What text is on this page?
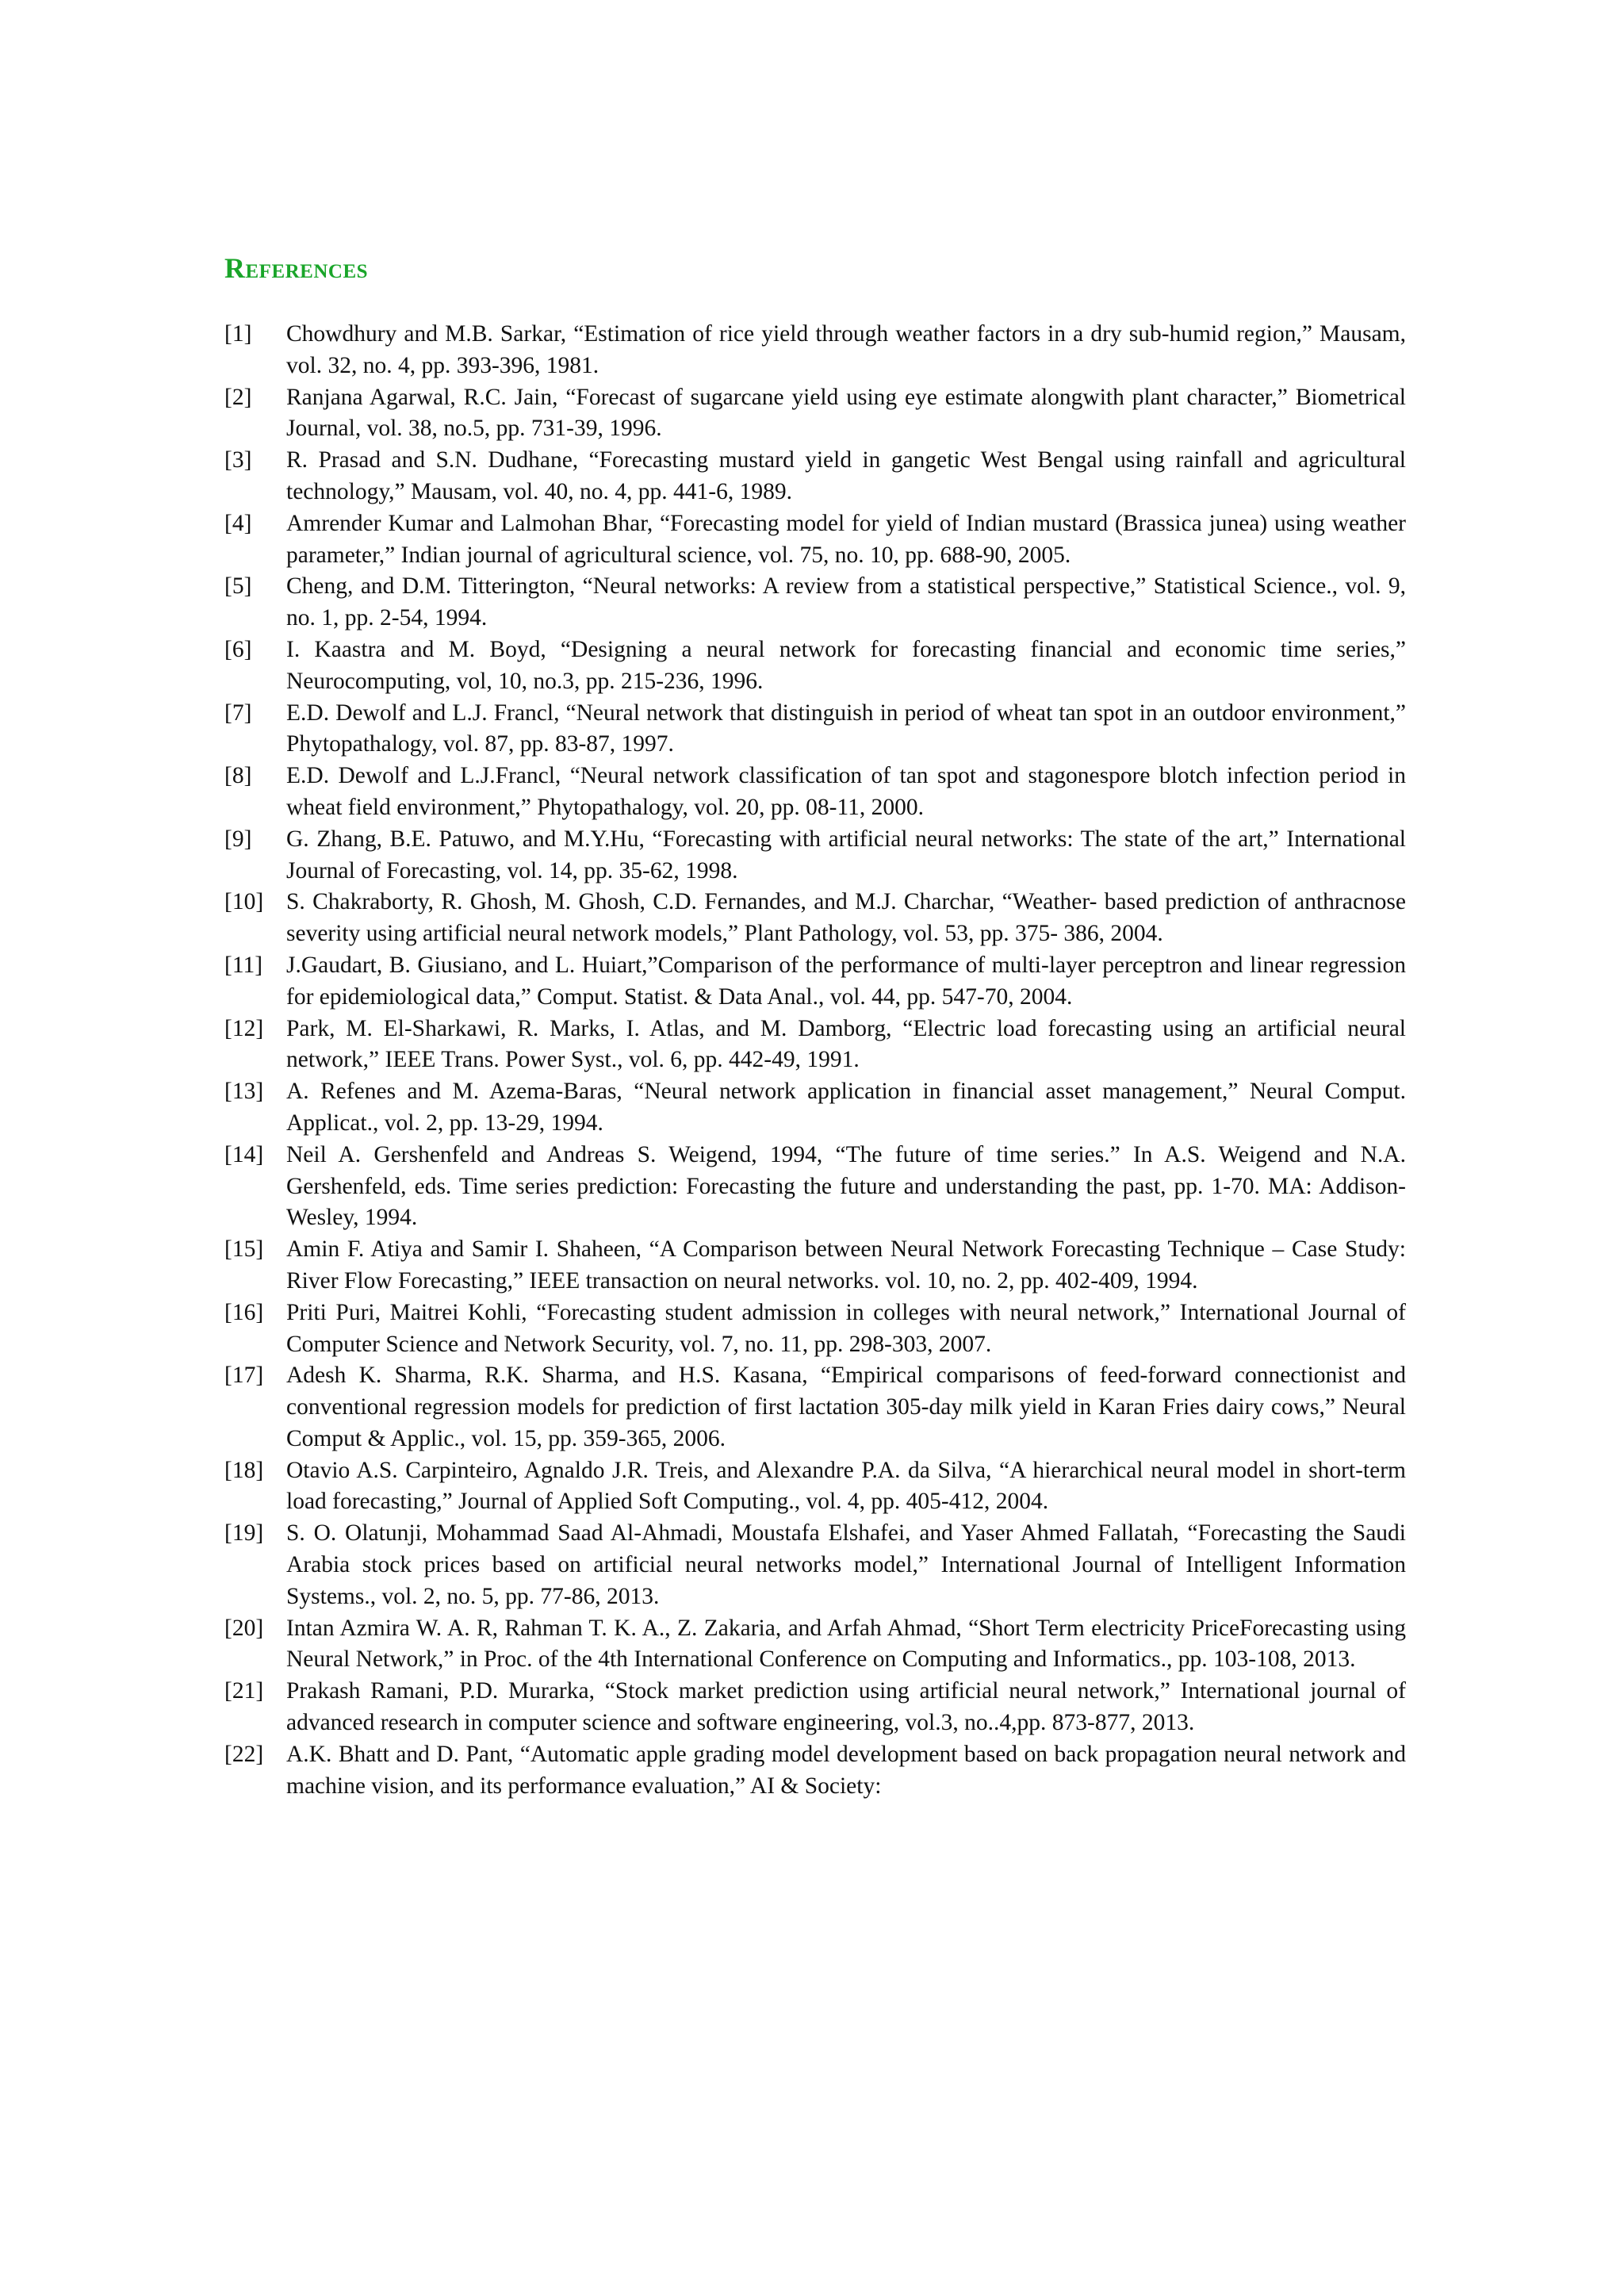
References
[1]	Chowdhury and M.B. Sarkar, “Estimation of rice yield through weather factors in a dry sub-humid region,” Mausam, vol. 32, no. 4, pp. 393-396, 1981.
[2]	Ranjana Agarwal, R.C. Jain, “Forecast of sugarcane yield using eye estimate alongwith plant character,” Biometrical Journal, vol. 38, no.5, pp. 731-39, 1996.
[3]	R. Prasad and S.N. Dudhane, “Forecasting mustard yield in gangetic West Bengal using rainfall and agricultural technology,” Mausam, vol. 40, no. 4, pp. 441-6, 1989.
[4]	Amrender Kumar and Lalmohan Bhar, “Forecasting model for yield of Indian mustard (Brassica junea) using weather parameter,” Indian journal of agricultural science, vol. 75, no. 10, pp. 688-90, 2005.
[5]	Cheng, and D.M. Titterington, “Neural networks: A review from a statistical perspective,” Statistical Science., vol. 9, no. 1, pp. 2-54, 1994.
[6]	I. Kaastra and M. Boyd, “Designing a neural network for forecasting financial and economic time series,” Neurocomputing, vol, 10, no.3, pp. 215-236, 1996.
[7]	E.D. Dewolf and L.J. Francl, “Neural network that distinguish in period of wheat tan spot in an outdoor environment,” Phytopathalogy, vol. 87, pp. 83-87, 1997.
[8]	E.D. Dewolf and L.J.Francl, “Neural network classification of tan spot and stagonespore blotch infection period in wheat field environment,” Phytopathalogy, vol. 20, pp. 08-11, 2000.
[9]	G. Zhang, B.E. Patuwo, and M.Y.Hu, “Forecasting with artificial neural networks: The state of the art,” International Journal of Forecasting, vol. 14, pp. 35-62, 1998.
[10] S. Chakraborty, R. Ghosh, M. Ghosh, C.D. Fernandes, and M.J. Charchar, “Weather- based prediction of anthracnose severity using artificial neural network models,” Plant Pathology, vol. 53, pp. 375- 386, 2004.
[11]	J.Gaudart, B. Giusiano, and L. Huiart,”Comparison of the performance of multi-layer perceptron and linear regression for epidemiological data,” Comput. Statist. & Data Anal., vol. 44, pp. 547-70, 2004.
[12] Park, M. El-Sharkawi, R. Marks, I. Atlas, and M. Damborg, “Electric load forecasting using an artificial neural network,” IEEE Trans. Power Syst., vol. 6, pp. 442-49, 1991.
[13] A. Refenes and M. Azema-Baras, “Neural network application in financial asset management,” Neural Comput. Applicat., vol. 2, pp. 13-29, 1994.
[14] Neil A. Gershenfeld and Andreas S. Weigend, 1994, “The future of time series.” In A.S. Weigend and N.A. Gershenfeld, eds. Time series prediction: Forecasting the future and understanding the past, pp. 1-70. MA: Addison-Wesley, 1994.
[15] Amin F. Atiya and Samir I. Shaheen, “A Comparison between Neural Network Forecasting Technique – Case Study: River Flow Forecasting,” IEEE transaction on neural networks. vol. 10, no. 2, pp. 402-409, 1994.
[16] Priti Puri, Maitrei Kohli, “Forecasting student admission in colleges with neural network,” International Journal of Computer Science and Network Security, vol. 7, no. 11, pp. 298-303, 2007.
[17] Adesh K. Sharma, R.K. Sharma, and H.S. Kasana, “Empirical comparisons of feed-forward connectionist and conventional regression models for prediction of first lactation 305-day milk yield in Karan Fries dairy cows,” Neural Comput & Applic., vol. 15, pp. 359-365, 2006.
[18] Otavio A.S. Carpinteiro, Agnaldo J.R. Treis, and Alexandre P.A. da Silva, “A hierarchical neural model in short-term load forecasting,” Journal of Applied Soft Computing., vol. 4, pp. 405-412, 2004.
[19] S. O. Olatunji, Mohammad Saad Al-Ahmadi, Moustafa Elshafei, and Yaser Ahmed Fallatah, “Forecasting the Saudi Arabia stock prices based on artificial neural networks model,” International Journal of Intelligent Information Systems., vol. 2, no. 5, pp. 77-86, 2013.
[20] Intan Azmira W. A. R, Rahman T. K. A., Z. Zakaria, and Arfah Ahmad, “Short Term electricity PriceForecasting using Neural Network,” in Proc. of the 4th International Conference on Computing and Informatics., pp. 103-108, 2013.
[21] Prakash Ramani, P.D. Murarka, “Stock market prediction using artificial neural network,” International journal of advanced research in computer science and software engineering, vol.3, no..4,pp. 873-877, 2013.
[22] A.K. Bhatt and D. Pant, “Automatic apple grading model development based on back propagation neural network and machine vision, and its performance evaluation,” AI & Society:
